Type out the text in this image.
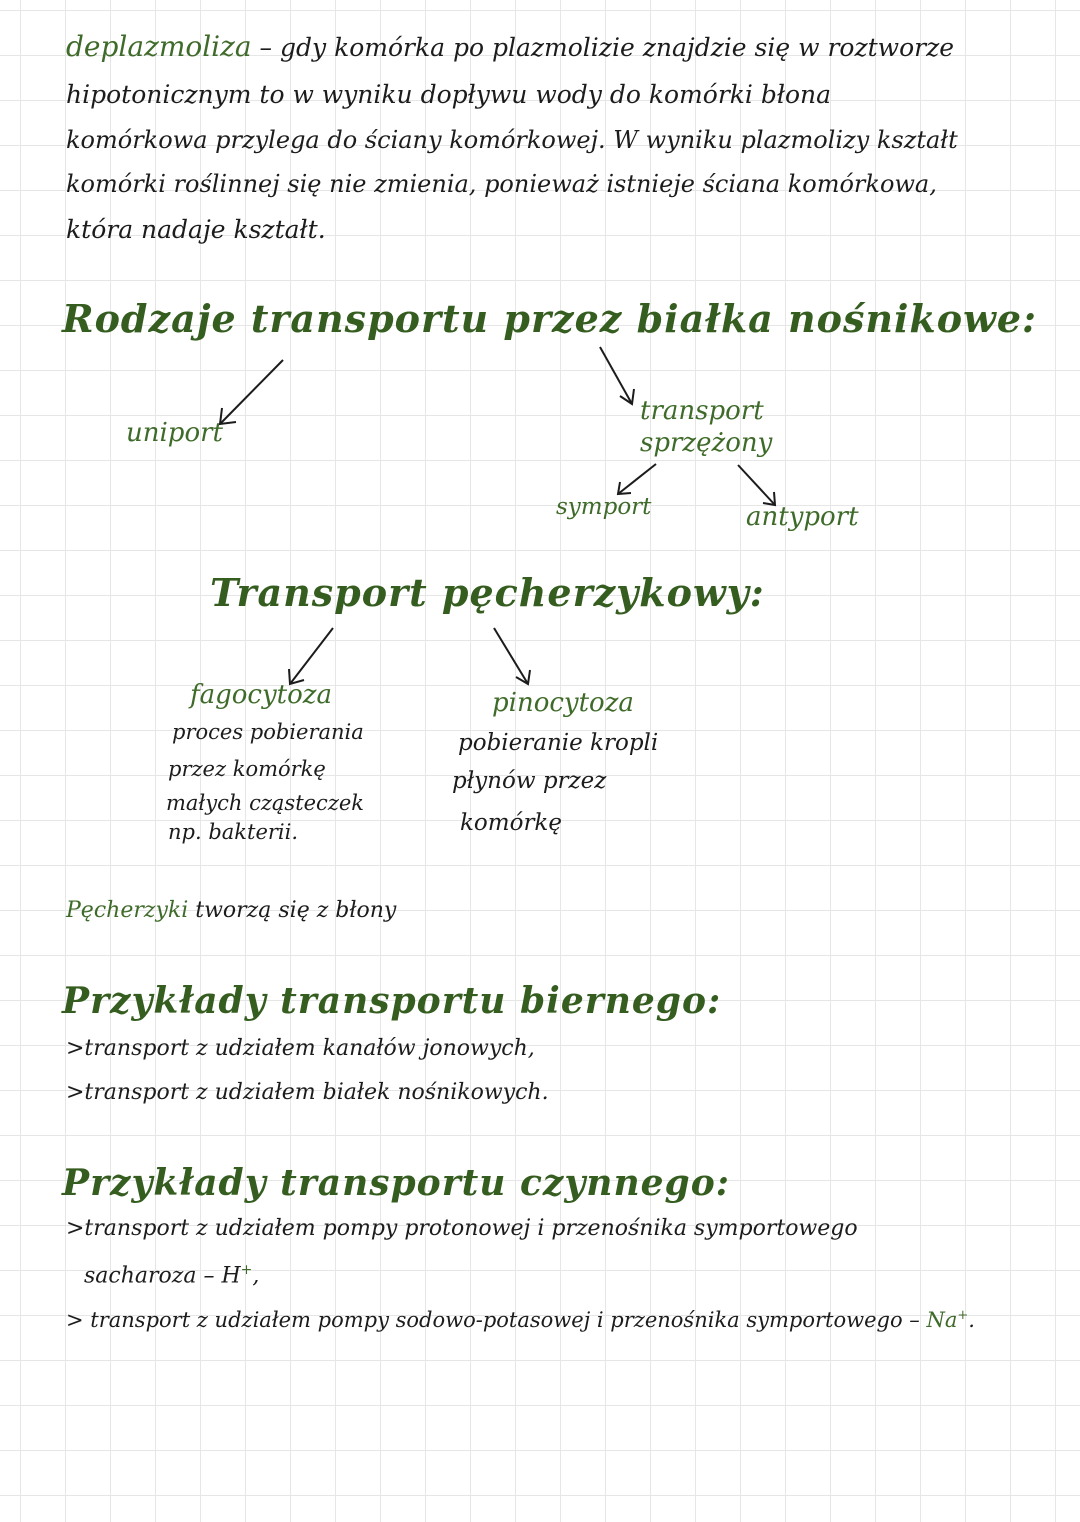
deplazmoliza – gdy komórka po plazmolizie znajdzie się w roztworze
hipotonicznym to w wyniku dopływu wody do komórki błona
komórkowa przylega do ściany komórkowej. W wyniku plazmolizy kształt
komórki roślinnej się nie zmienia, ponieważ istnieje ściana komórkowa,
która nadaje kształt.
Rodzaje transportu przez białka nośnikowe:
uniport
transport
sprzężony
symport	antyport
Transport pęcherzykowy:
fagocytoza
proces pobierania
przez komórkę
małych cząsteczek
np. bakterii.
pinocytoza
pobieranie kropli
płynów przez
komórkę
Pęcherzyki tworzą się z błony
Przykłady transportu biernego:
>transport z udziałem kanałów jonowych,
>transport z udziałem białek nośnikowych.
Przykłady transportu czynnego:
>transport z udziałem pompy protonowej i przenośnika symportowego
sacharoza – H+,
> transport z udziałem pompy sodowo-potasowej i przenośnika symportowego – Na+.
